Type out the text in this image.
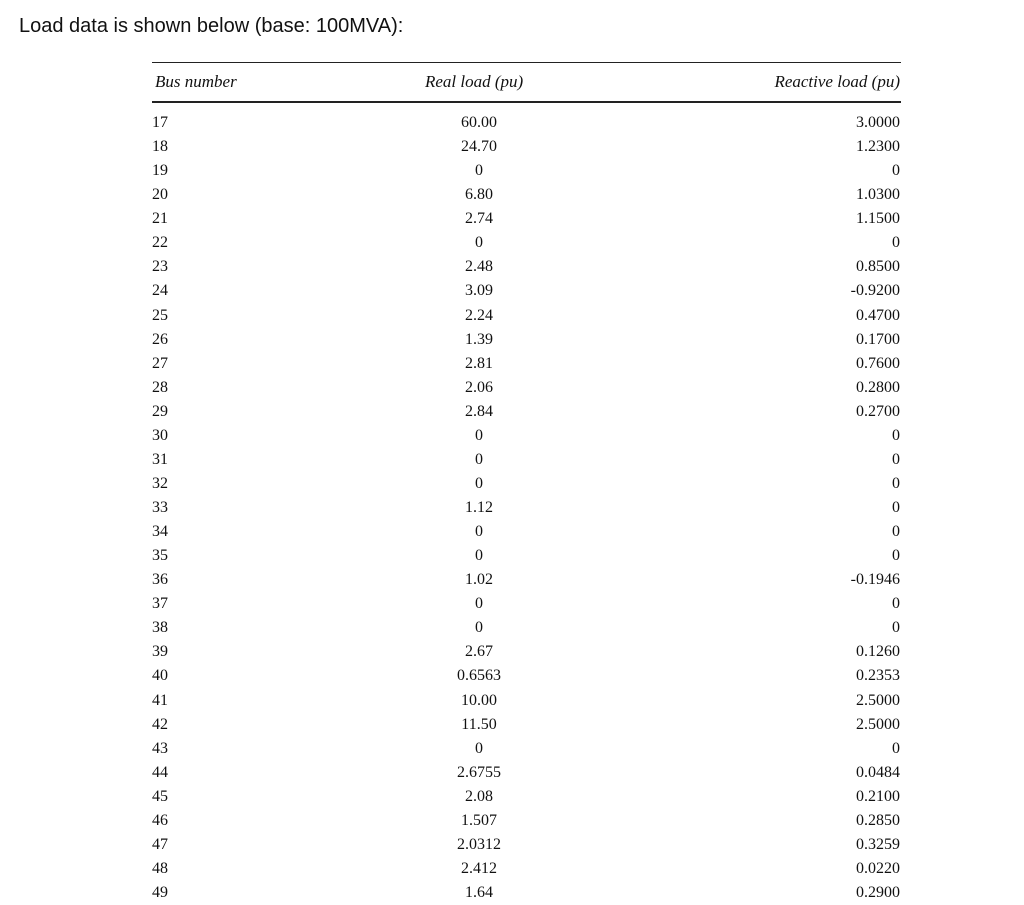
Load data is shown below (base: 100MVA):
Bus number	Real load (pu)	Reactive load (pu)
17	60.00	3.0000
18	24.70	1.2300
19	0	0
20	6.80	1.0300
21	2.74	1.1500
22	0	0
23	2.48	0.8500
24	3.09	-0.9200
25	2.24	0.4700
26	1.39	0.1700
27	2.81	0.7600
28	2.06	0.2800
29	2.84	0.2700
30	0	0
31	0	0
32	0	0
33	1.12	0
34	0	0
35	0	0
36	1.02	-0.1946
37	0	0
38	0	0
39	2.67	0.1260
40	0.6563	0.2353
41	10.00	2.5000
42	11.50	2.5000
43	0	0
44	2.6755	0.0484
45	2.08	0.2100
46	1.507	0.2850
47	2.0312	0.3259
48	2.412	0.0220
49	1.64	0.2900
